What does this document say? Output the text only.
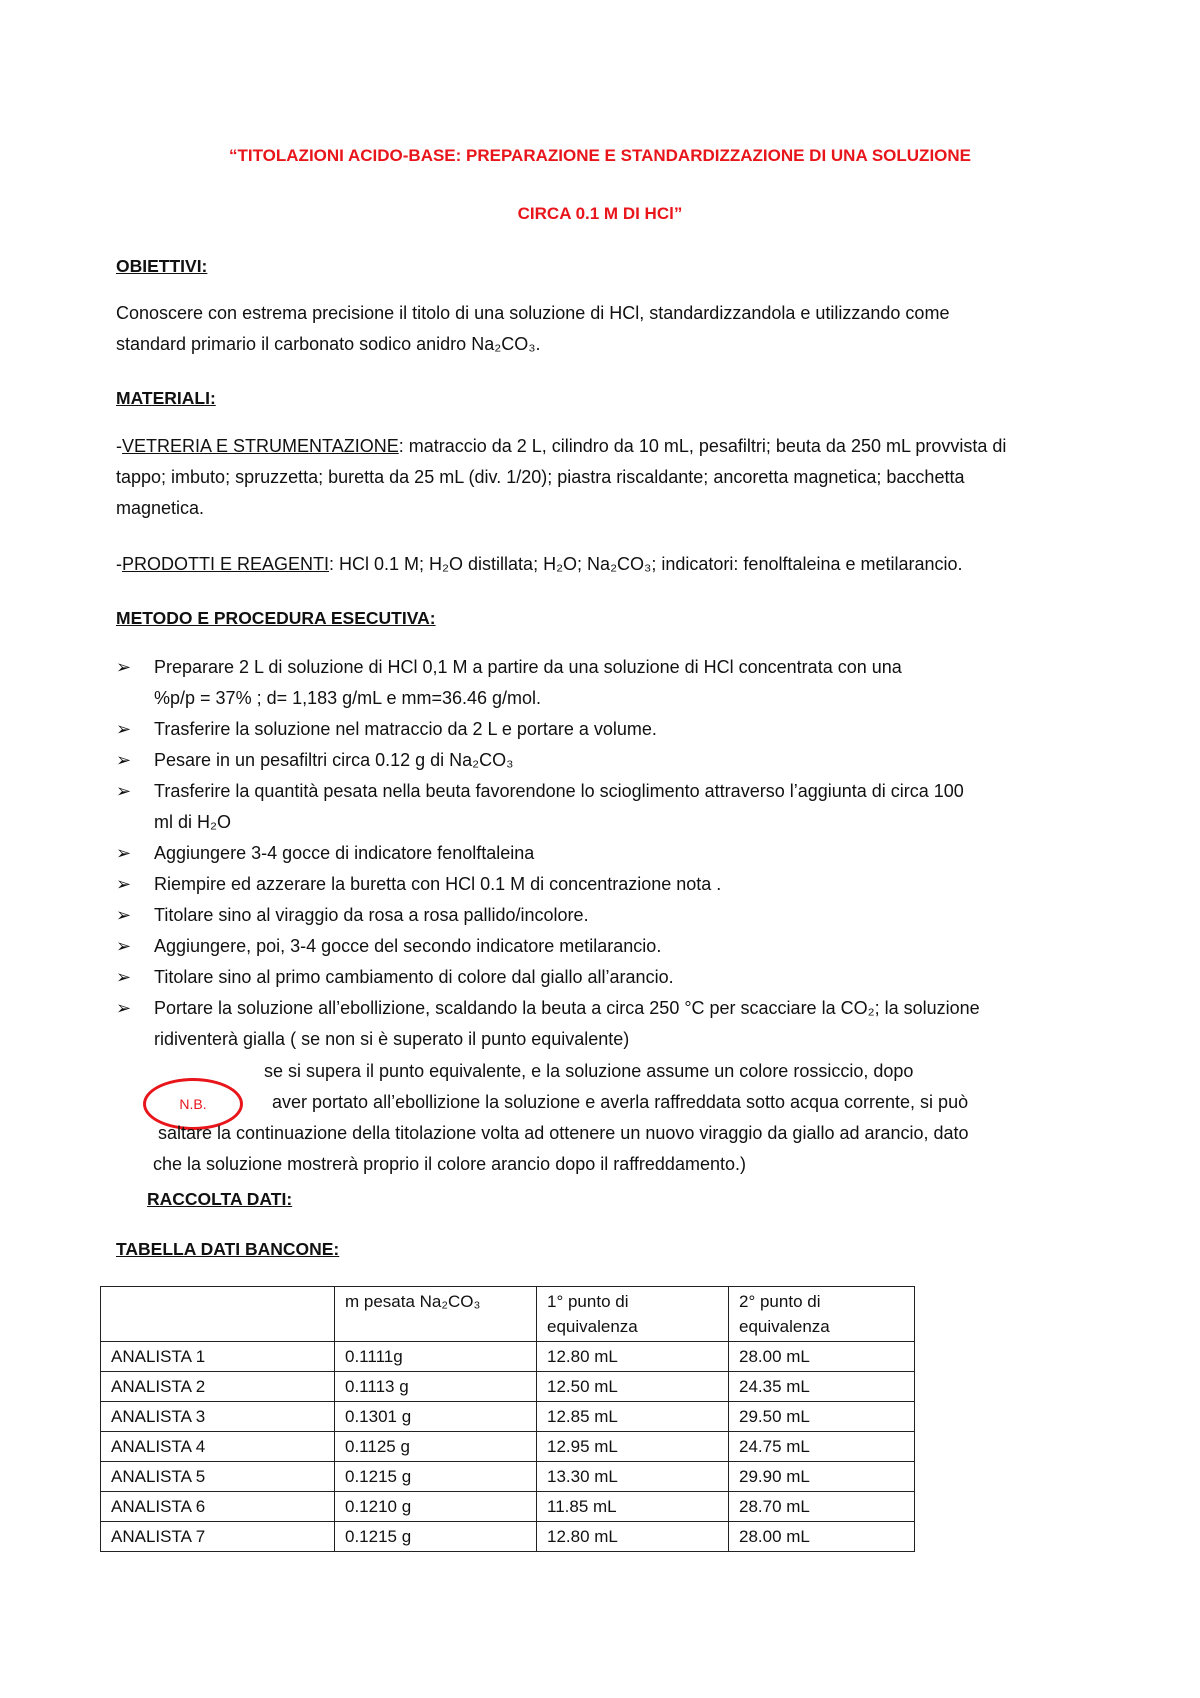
“TITOLAZIONI ACIDO-BASE: PREPARAZIONE E STANDARDIZZAZIONE DI UNA SOLUZIONE
CIRCA 0.1 M DI HCl”
OBIETTIVI:
Conoscere con estrema precisione il titolo di una soluzione di HCl, standardizzandola e utilizzando come
standard primario il carbonato sodico anidro Na₂CO₃.
MATERIALI:
-VETRERIA E STRUMENTAZIONE: matraccio da 2 L, cilindro da 10 mL, pesafiltri; beuta da 250 mL provvista di
tappo; imbuto; spruzzetta; buretta da 25 mL (div. 1/20); piastra riscaldante; ancoretta magnetica; bacchetta
magnetica.
-PRODOTTI E REAGENTI: HCl 0.1 M; H₂O distillata; H₂O; Na₂CO₃; indicatori: fenolftaleina e metilarancio.
METODO E PROCEDURA ESECUTIVA:
➢	Preparare 2 L di soluzione di HCl 0,1 M a partire da una soluzione di HCl concentrata con una
%p/p = 37% ; d= 1,183 g/mL e mm=36.46 g/mol.
➢	Trasferire la soluzione nel matraccio da 2 L e portare a volume.
➢	Pesare in un pesafiltri circa 0.12 g di Na₂CO₃
➢	Trasferire la quantità pesata nella beuta favorendone lo scioglimento attraverso l’aggiunta di circa 100
ml di H₂O
➢	Aggiungere 3-4 gocce di indicatore fenolftaleina
➢	Riempire ed azzerare la buretta con HCl 0.1 M di concentrazione nota .
➢	Titolare sino al viraggio da rosa a rosa pallido/incolore.
➢	Aggiungere, poi, 3-4 gocce del secondo indicatore metilarancio.
➢	Titolare sino al primo cambiamento di colore dal giallo all’arancio.
➢	Portare la soluzione all’ebollizione, scaldando la beuta a circa 250 °C per scacciare la CO₂; la soluzione
ridiventerà gialla ( se non si è superato il punto equivalente)
N.B.
se si supera il punto equivalente, e la soluzione assume un colore rossiccio, dopo
aver portato all’ebollizione la soluzione e averla raffreddata sotto acqua corrente, si può
saltare la continuazione della titolazione volta ad ottenere un nuovo viraggio da giallo ad arancio, dato
che la soluzione mostrerà proprio il colore arancio dopo il raffreddamento.)
RACCOLTA DATI:
TABELLA DATI BANCONE:
	m pesata Na₂CO₃	1° punto di equivalenza	2° punto di equivalenza
ANALISTA 1	0.1111g	12.80 mL	28.00 mL
ANALISTA 2	0.1113 g	12.50 mL	24.35 mL
ANALISTA 3	0.1301 g	12.85 mL	29.50 mL
ANALISTA 4	0.1125 g	12.95 mL	24.75 mL
ANALISTA 5	0.1215 g	13.30 mL	29.90 mL
ANALISTA 6	0.1210 g	11.85 mL	28.70 mL
ANALISTA 7	0.1215 g	12.80 mL	28.00 mL
